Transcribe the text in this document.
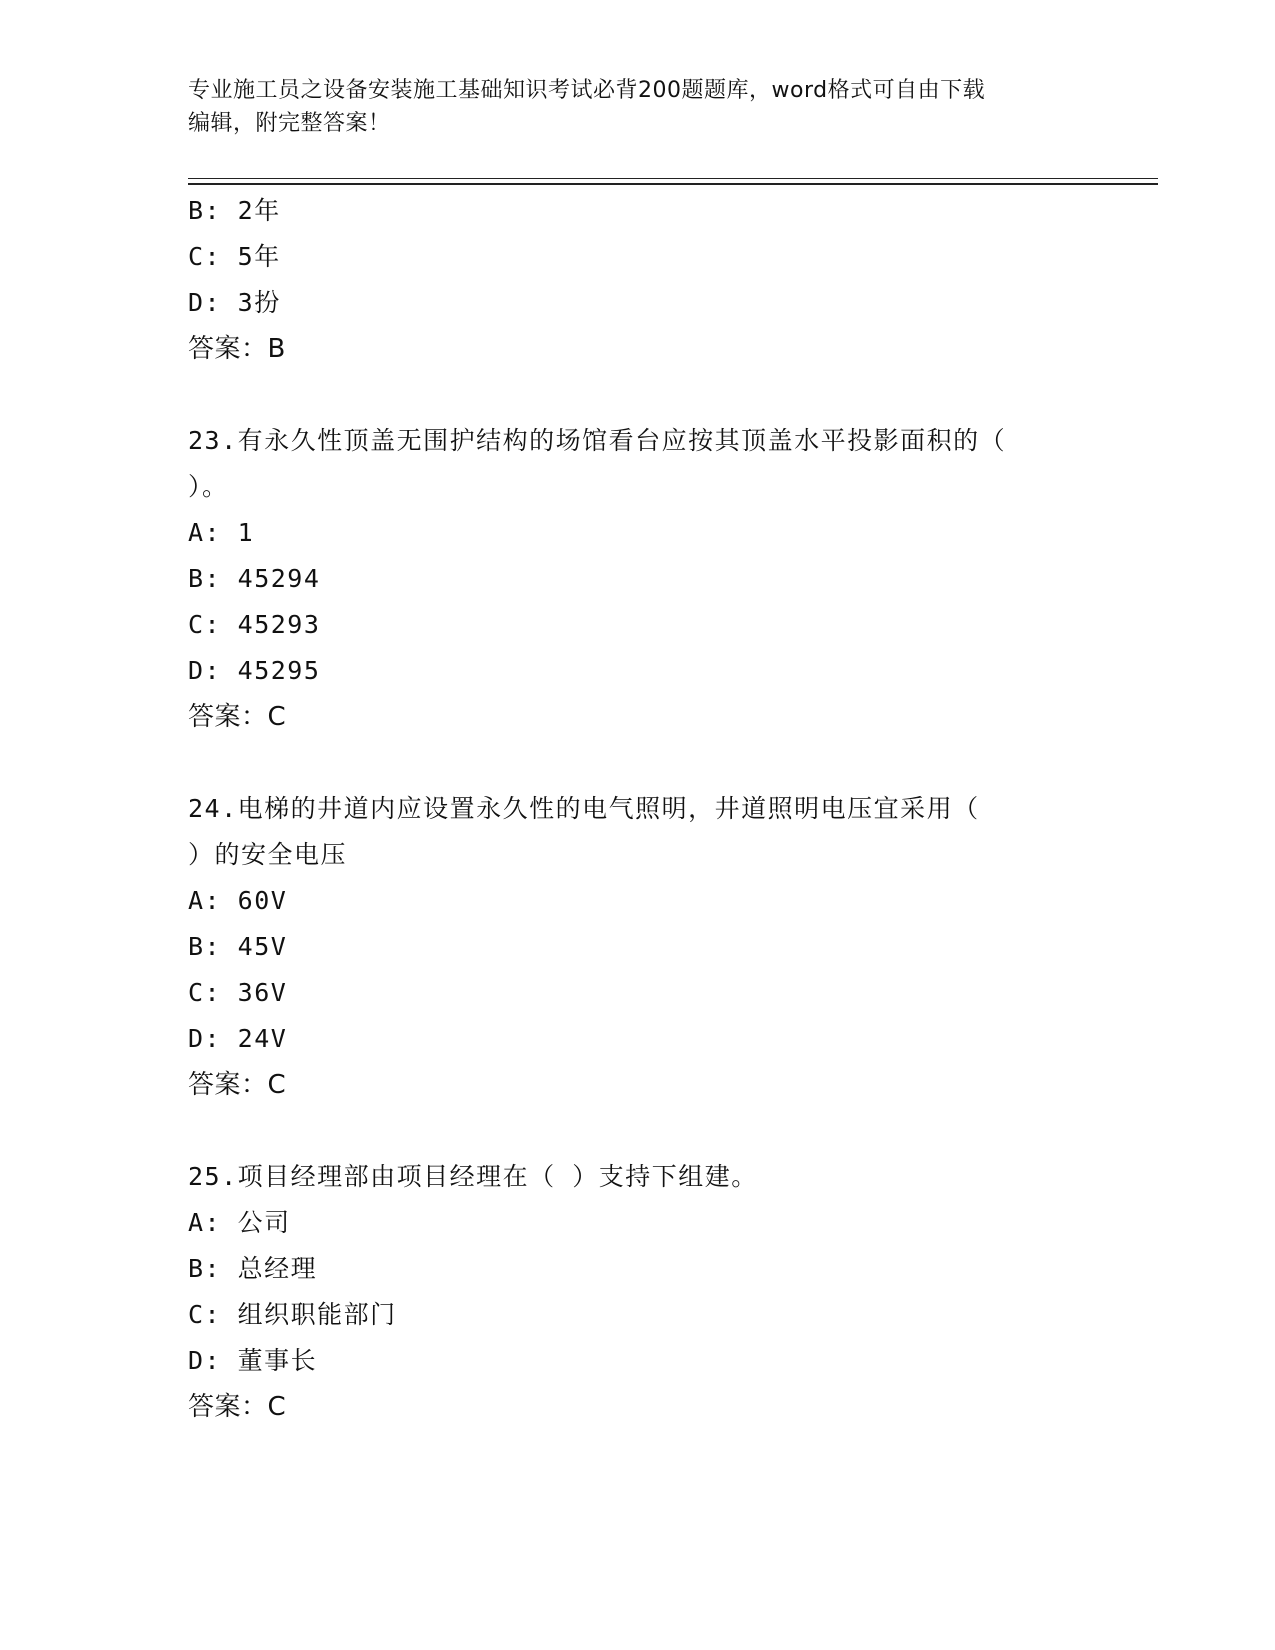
专业施工员之设备安装施工基础知识考试必背200题题库，word格式可自由下载
编辑，附完整答案！
B: 2年
C: 5年
D: 3扮
答案：B
23.有永久性顶盖无围护结构的场馆看台应按其顶盖水平投影面积的（
）。
A: 1
B: 45294
C: 45293
D: 45295
答案：C
24.电梯的井道内应设置永久性的电气照明，井道照明电压宜采用（
）的安全电压
A: 60V
B: 45V
C: 36V
D: 24V
答案：C
25.项目经理部由项目经理在（ ）支持下组建。
A: 公司
B: 总经理
C: 组织职能部门
D: 董事长
答案：C
